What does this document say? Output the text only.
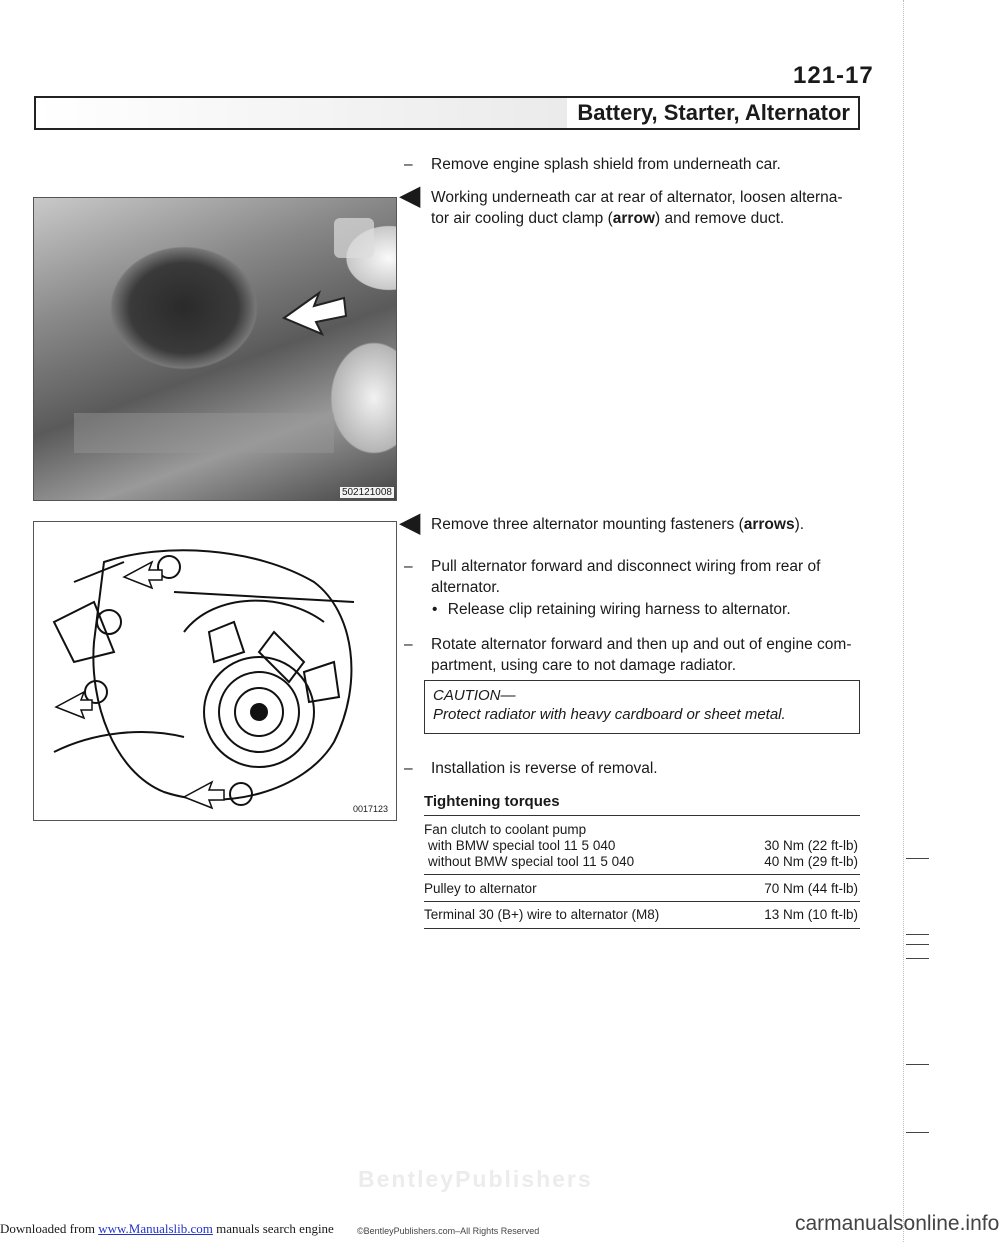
121-17
Battery, Starter, Alternator
–	Remove engine splash shield from underneath car.
◀ Working underneath car at rear of alternator, loosen alterna-
tor air cooling duct clamp (arrow) and remove duct.
502121008
◀ Remove three alternator mounting fasteners (arrows).
0017123
–	Pull alternator forward and disconnect wiring from rear of
alternator.
• Release clip retaining wiring harness to alternator.
–	Rotate alternator forward and then up and out of engine com-
partment, using care to not damage radiator.
CAUTION—
Protect radiator with heavy cardboard or sheet metal.
–	Installation is reverse of removal.
Tightening torques
Fan clutch to coolant pump
with BMW special tool 11 5 040	30 Nm (22 ft-lb)
without BMW special tool 11 5 040	40 Nm (29 ft-lb)
Pulley to alternator	70 Nm (44 ft-lb)
Terminal 30 (B+) wire to alternator (M8)	13 Nm (10 ft-lb)
BentleyPublishers
©BentleyPublishers.com–All Rights Reserved
Downloaded from www.Manualslib.com manuals search engine	carmanualsonline.info
